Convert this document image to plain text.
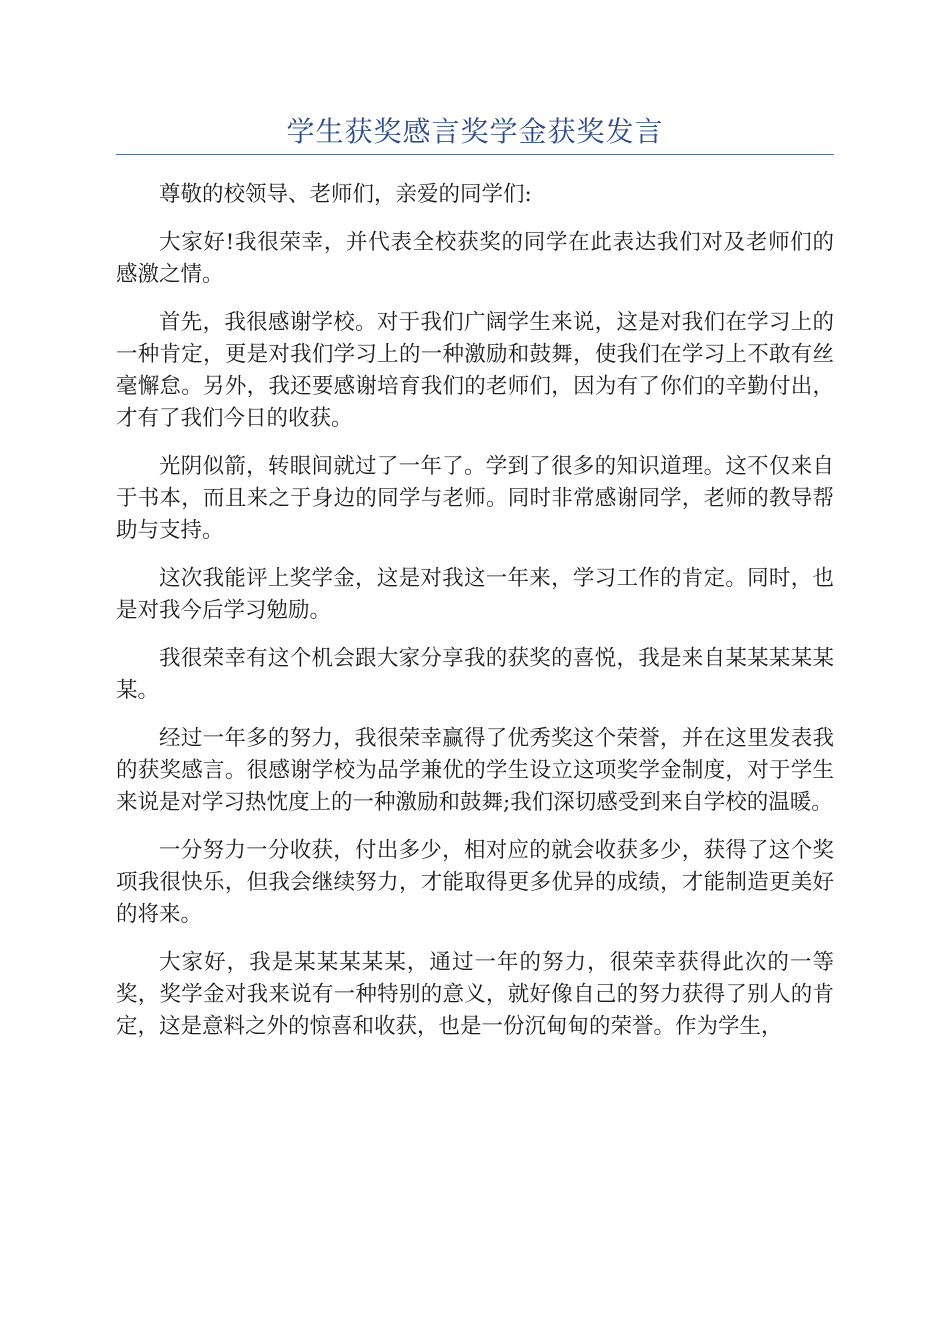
学生获奖感言奖学金获奖发言

尊敬的校领导、老师们，亲爱的同学们:

大家好!我很荣幸，并代表全校获奖的同学在此表达我们对及老师们的感激之情。

首先，我很感谢学校。对于我们广阔学生来说，这是对我们在学习上的一种肯定，更是对我们学习上的一种激励和鼓舞，使我们在学习上不敢有丝毫懈怠。另外，我还要感谢培育我们的老师们，因为有了你们的辛勤付出，才有了我们今日的收获。

光阴似箭，转眼间就过了一年了。学到了很多的知识道理。这不仅来自于书本，而且来之于身边的同学与老师。同时非常感谢同学，老师的教导帮助与支持。

这次我能评上奖学金，这是对我这一年来，学习工作的肯定。同时，也是对我今后学习勉励。

我很荣幸有这个机会跟大家分享我的获奖的喜悦，我是来自某某某某某某。

经过一年多的努力，我很荣幸赢得了优秀奖这个荣誉，并在这里发表我的获奖感言。很感谢学校为品学兼优的学生设立这项奖学金制度，对于学生来说是对学习热忱度上的一种激励和鼓舞;我们深切感受到来自学校的温暖。

一分努力一分收获，付出多少，相对应的就会收获多少，获得了这个奖项我很快乐，但我会继续努力，才能取得更多优异的成绩，才能制造更美好的将来。

大家好，我是某某某某某，通过一年的努力，很荣幸获得此次的一等奖，奖学金对我来说有一种特别的意义，就好像自己的努力获得了别人的肯定，这是意料之外的惊喜和收获，也是一份沉甸甸的荣誉。作为学生，
